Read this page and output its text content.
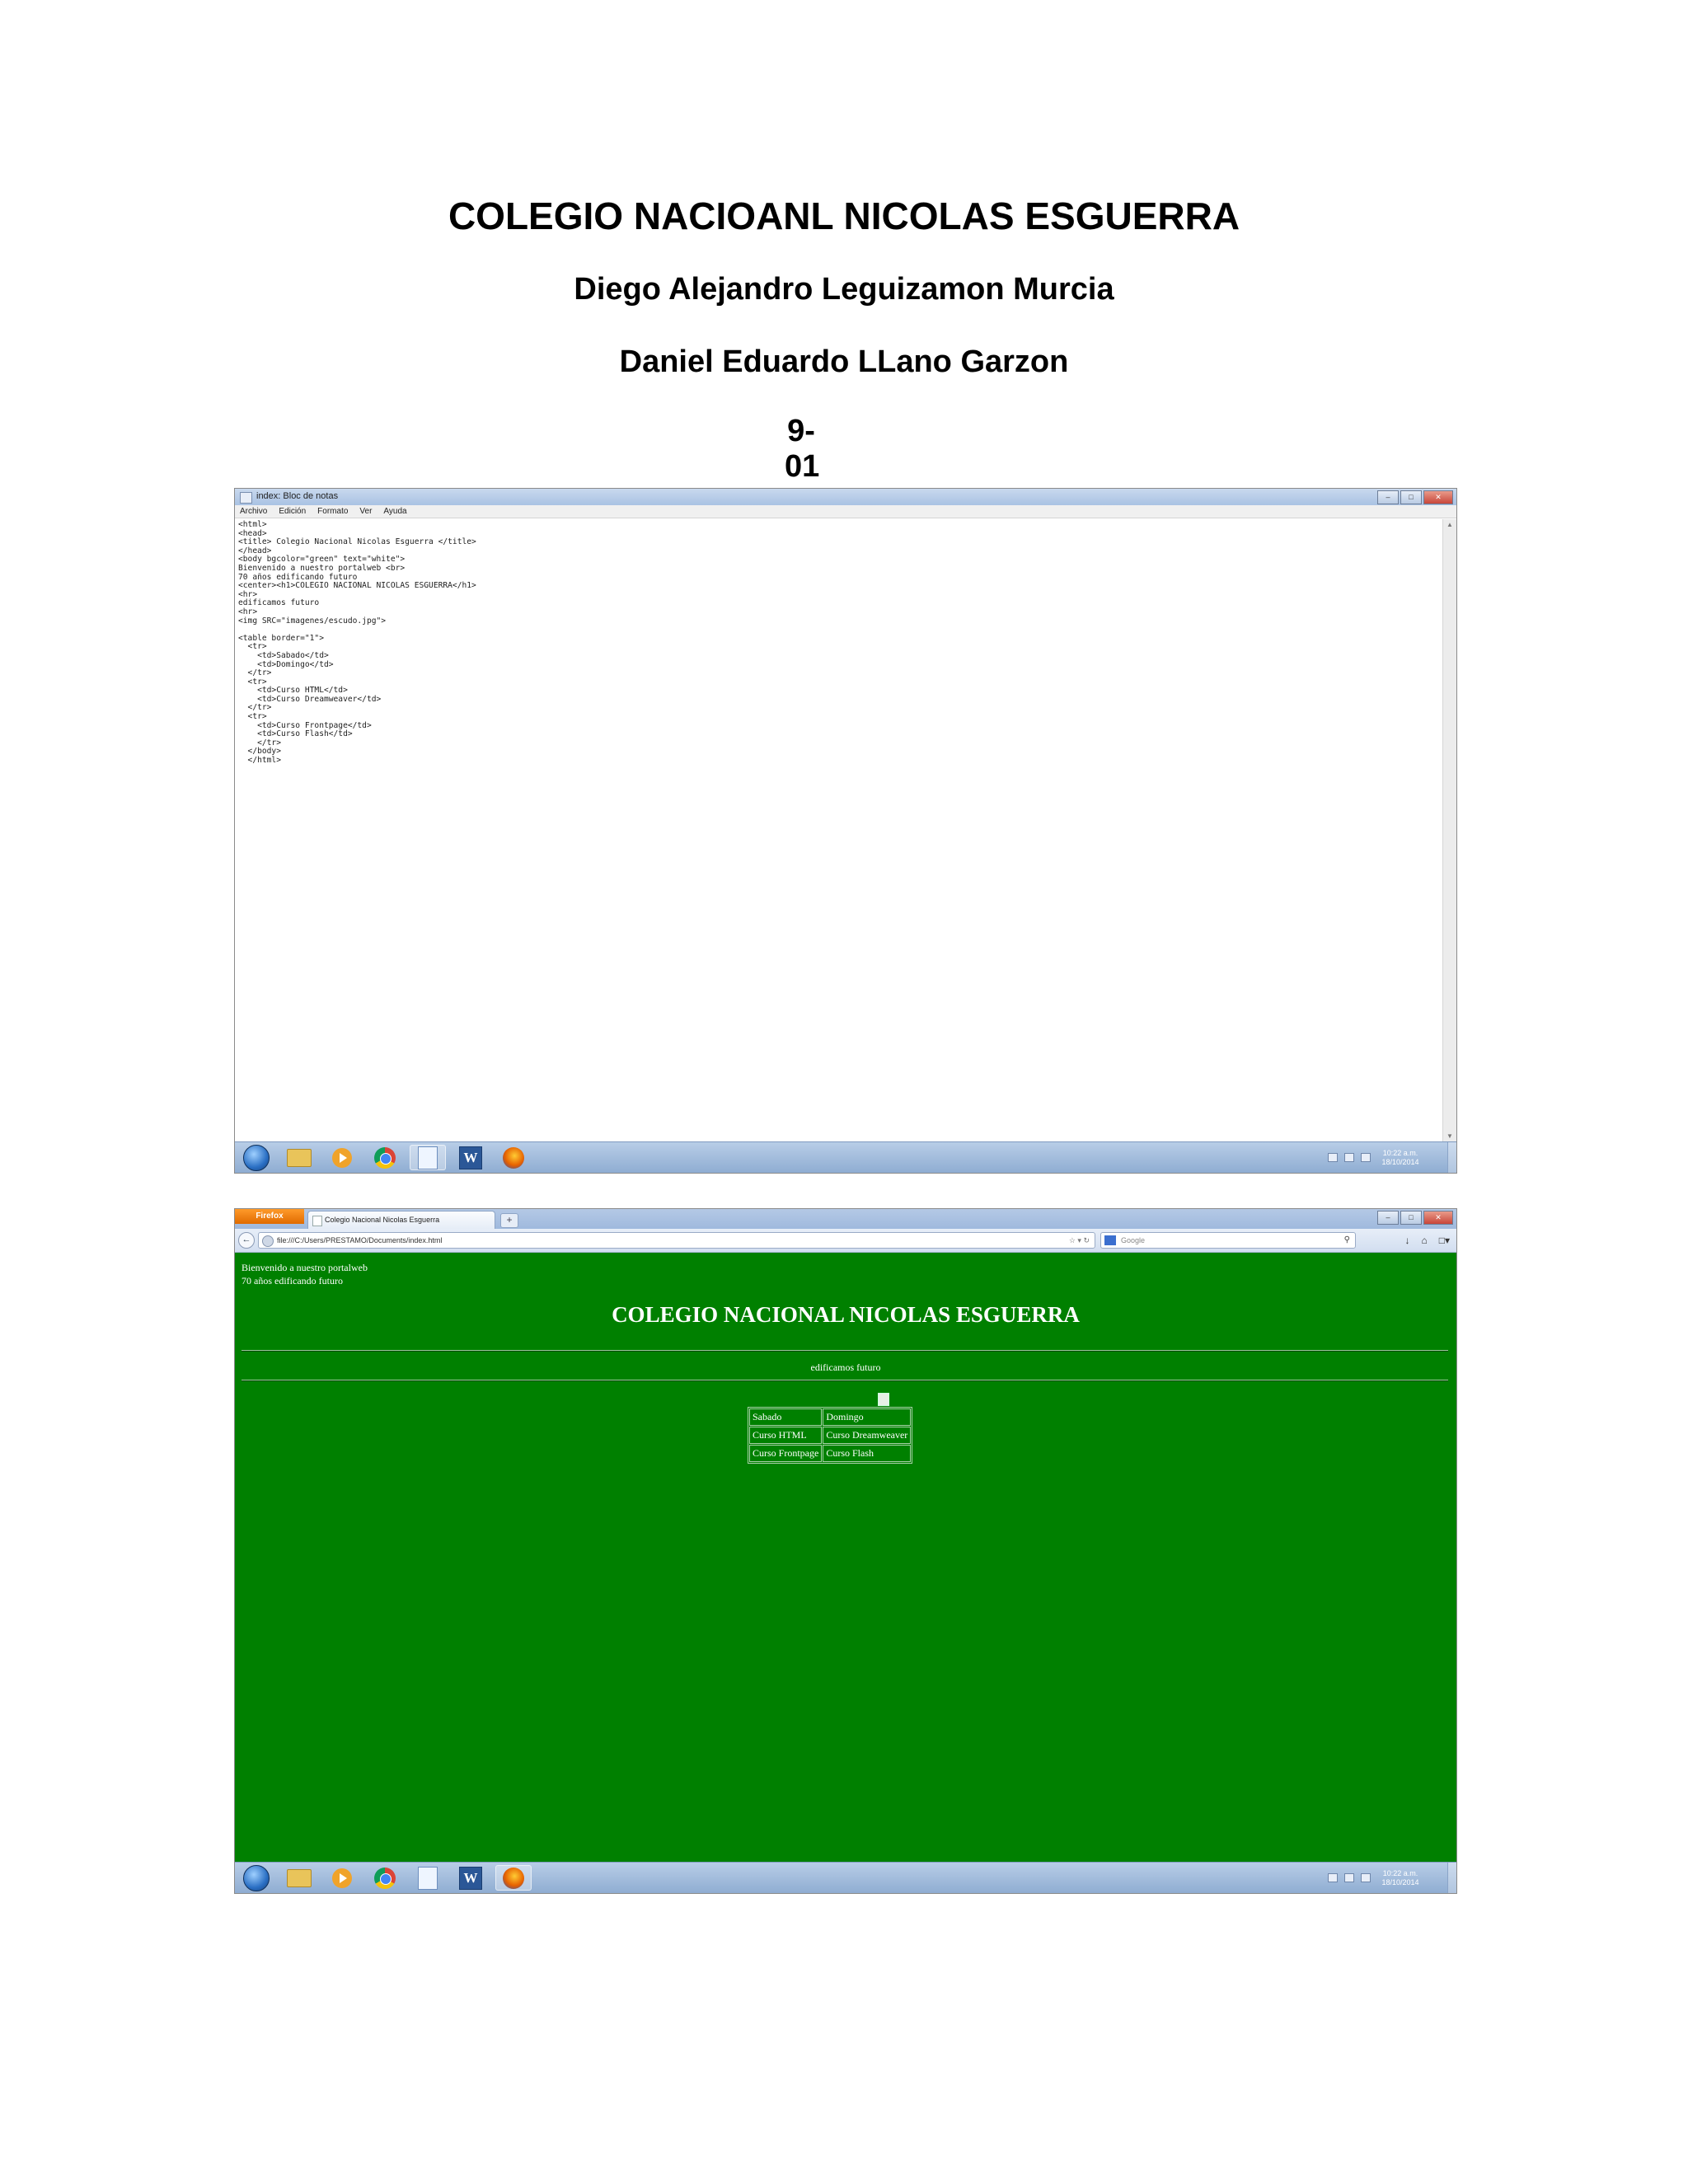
COLEGIO NACIOANL NICOLAS ESGUERRA
Diego Alejandro Leguizamon Murcia
Daniel Eduardo LLano Garzon
9-01
index: Bloc de notas	–	□	✕
Archivo Edición Formato Ver Ayuda
<html>
<head>
<title> Colegio Nacional Nicolas Esguerra </title>
</head>
<body bgcolor="green" text="white">
Bienvenido a nuestro portalweb <br>
70 años edificando futuro
<center><h1>COLEGIO NACIONAL NICOLAS ESGUERRA</h1>
<hr>
edificamos futuro
<hr>
<img SRC="imagenes/escudo.jpg">

<table border="1">
<tr>
<td>Sabado</td>
<td>Domingo</td>
</tr>
<tr>
<td>Curso HTML</td>
<td>Curso Dreamweaver</td>
</tr>
<tr>
<td>Curso Frontpage</td>
<td>Curso Flash</td>
</tr>
</body>
</html>
▲
▼
W	10:22 a.m.
18/10/2014
Firefox	Colegio Nacional Nicolas Esguerra	+	–	□	✕
←	file:///C:/Users/PRESTAMO/Documents/index.html	☆ ▾ ↻	Google	⚲	↓ ⌂ □▾
Bienvenido a nuestro portalweb
70 años edificando futuro
COLEGIO NACIONAL NICOLAS ESGUERRA
edificamos futuro
Sabado	Domingo
Curso HTML	Curso Dreamweaver
Curso Frontpage	Curso Flash
W	10:22 a.m.
18/10/2014
